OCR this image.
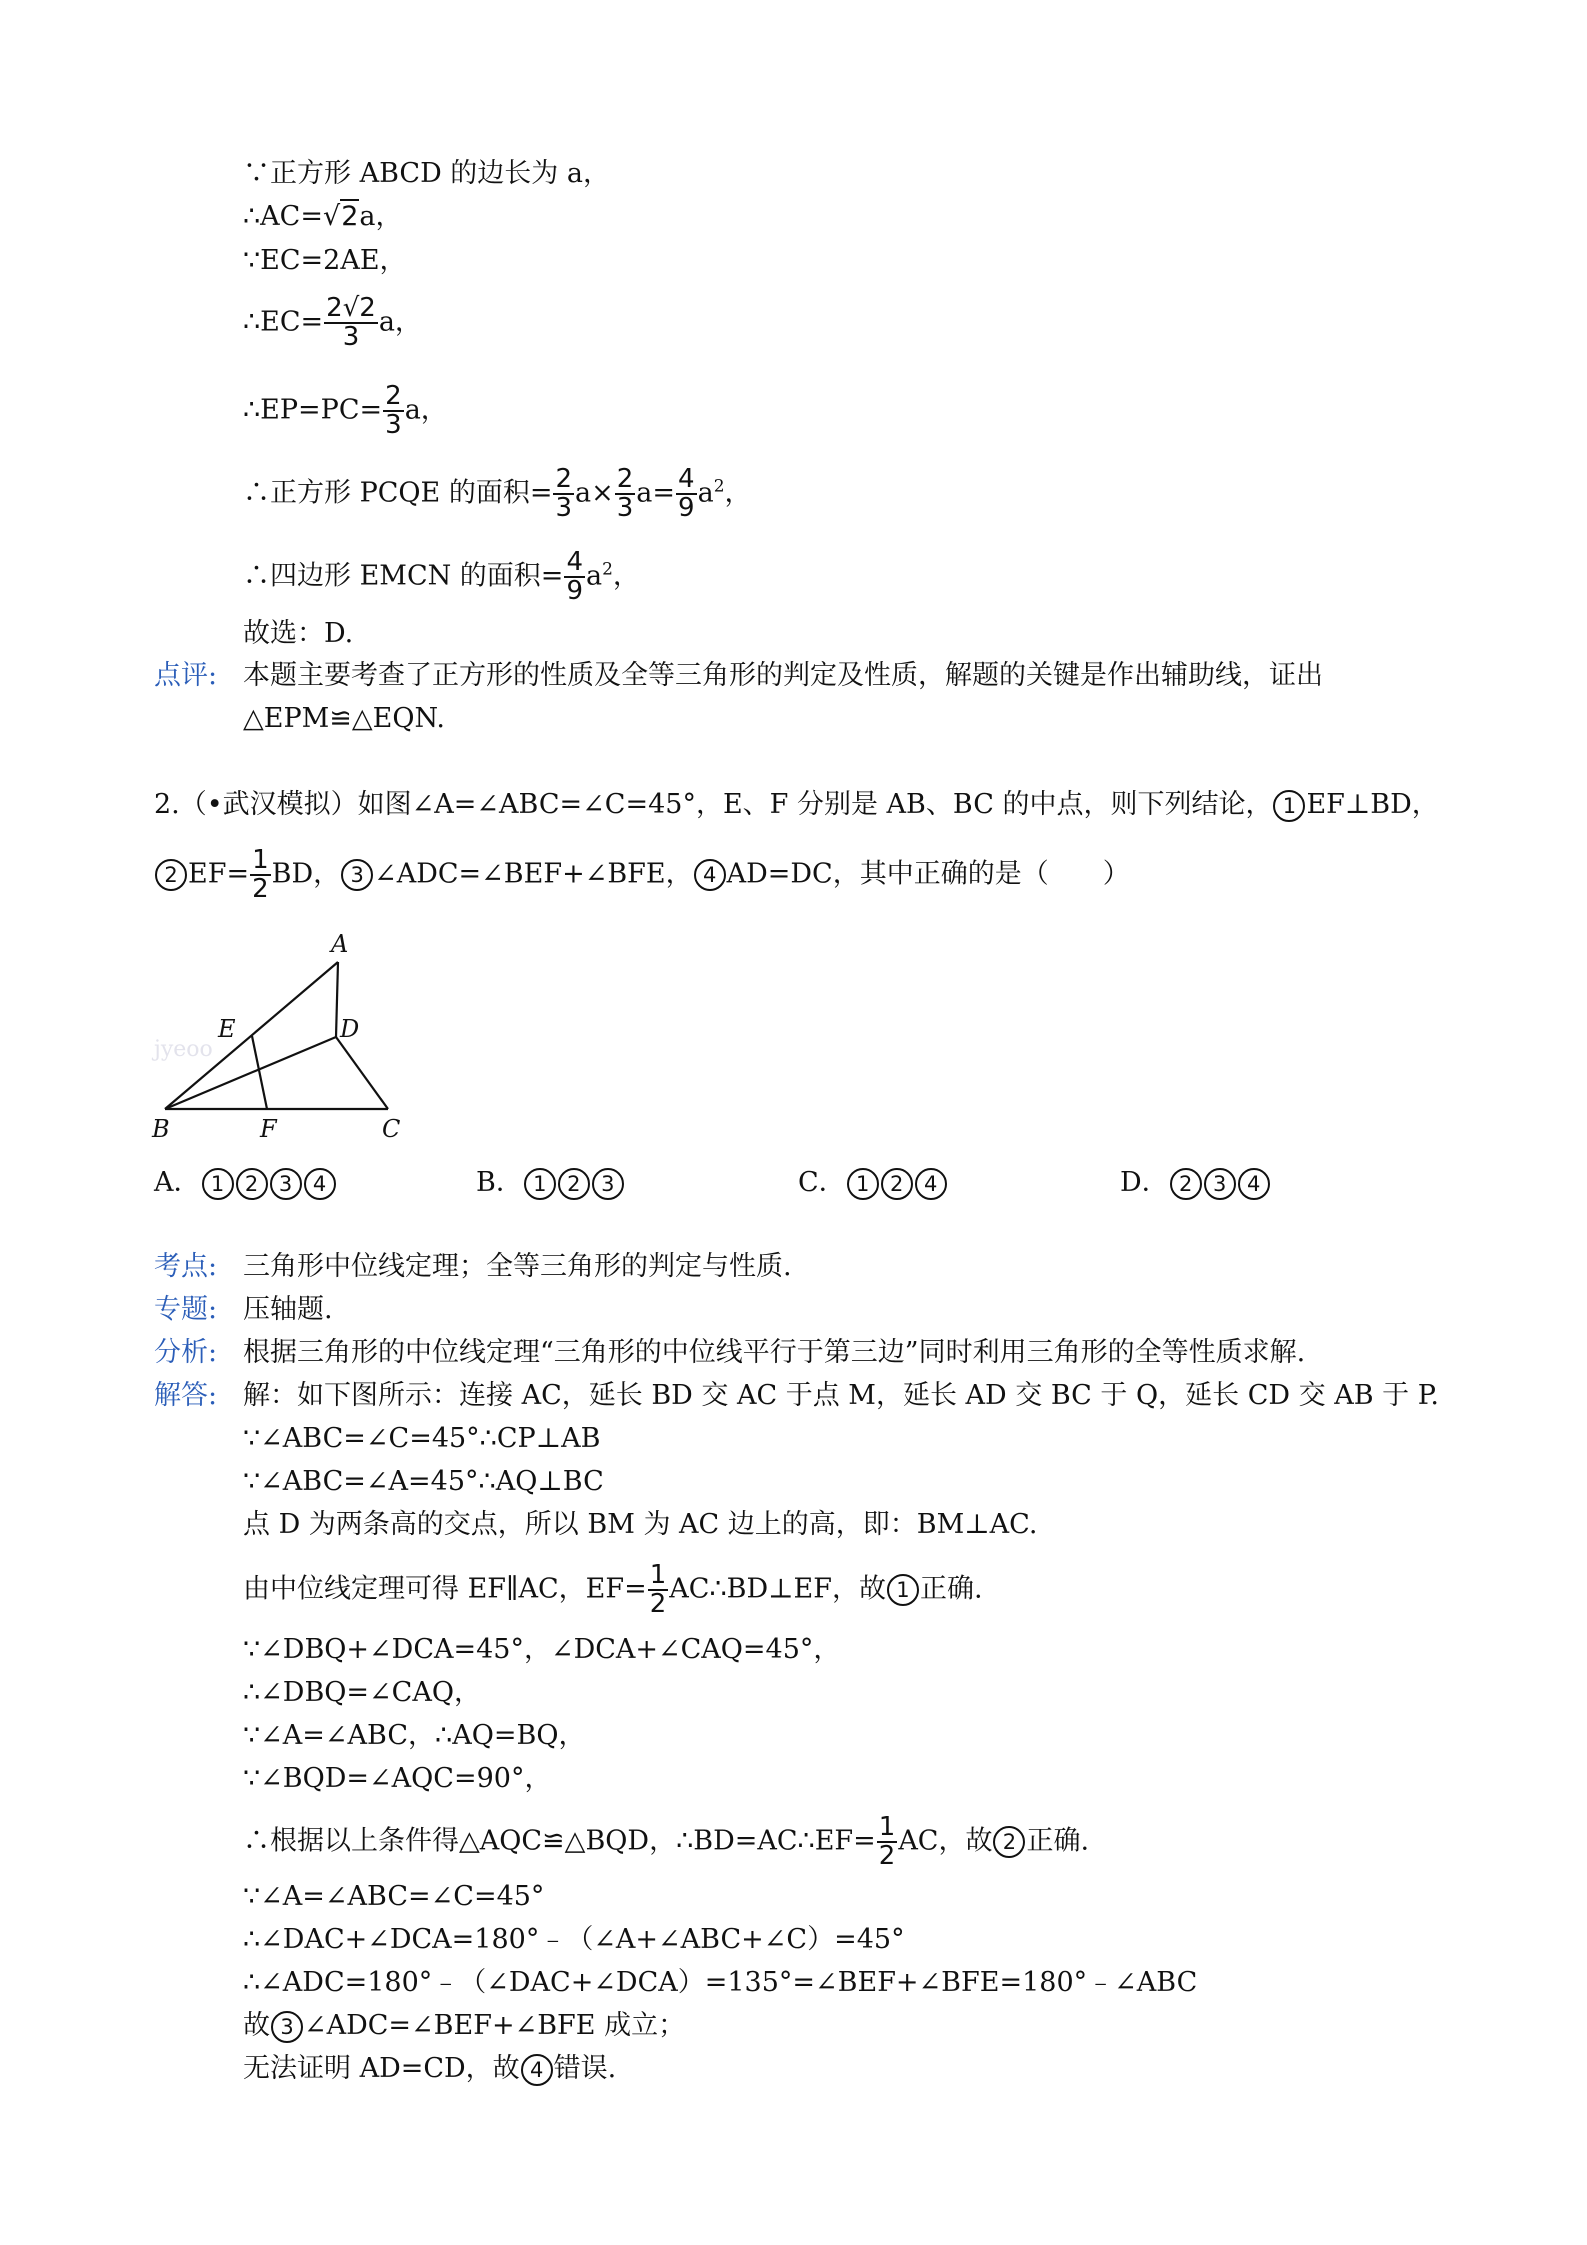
∵正方形 ABCD 的边长为 a，
∴AC=√2a，
∵EC=2AE，
∴EC= $\frac{2√2}{3}$ a，
∴EP=PC= $\frac{2}{3}$ a，
∴正方形 PCQE 的面积= $\frac{2}{3} a\times \frac{2}{3} a= \frac{4}{9} a^2$，
∴四边形 EMCN 的面积= $\frac{4}{9} a^2$，
故选：D.
点评: 本题主要考查了正方形的性质及全等三角形的判定及性质，解题的关键是作出辅助线，证出
△EPM≌△EQN.
2.（•武汉模拟）如图∠A=∠ABC=∠C=45°，E、F 分别是 AB、BC 的中点，则下列结论， 1 EF⊥BD，
2 $EF= \frac{1}{2}$ BD， 3 ∠ADC=∠BEF+∠BFE， 4 AD=DC，其中正确的是（　　）
jyeoo
A
E	D
B	F	C
A． 1 2 3 4	B． 1 2 3	C． 1 2 4	D． 2 3 4
考点: 三角形中位线定理；全等三角形的判定与性质.
专题: 压轴题.
分析: 根据三角形的中位线定理“三角形的中位线平行于第三边”同时利用三角形的全等性质求解.
解答: 解：如下图所示：连接 AC，延长 BD 交 AC 于点 M，延长 AD 交 BC 于 Q，延长 CD 交 AB 于 P.
∵∠ABC=∠C=45°∴CP⊥AB
∵∠ABC=∠A=45°∴AQ⊥BC
点 D 为两条高的交点，所以 BM 为 AC 边上的高，即：BM⊥AC.
由中位线定理可得 EF∥AC，$EF= \frac{1}{2}$ AC∴BD⊥EF，故 1 正确.
∵∠DBQ+∠DCA=45°，∠DCA+∠CAQ=45°，
∴∠DBQ=∠CAQ，
∵∠A=∠ABC，∴AQ=BQ，
∵∠BQD=∠AQC=90°，
∴根据以上条件得△AQC≌△BQD，∴BD=AC∴EF= $\frac{1}{2}$ AC，故 2 正确.
∵∠A=∠ABC=∠C=45°
∴∠DAC+∠DCA=180°﹣（∠A+∠ABC+∠C）=45°
∴∠ADC=180°﹣（∠DAC+∠DCA）=135°=∠BEF+∠BFE=180°﹣∠ABC
故 3 ∠ADC=∠BEF+∠BFE 成立；
无法证明 AD=CD，故 4 错误.
